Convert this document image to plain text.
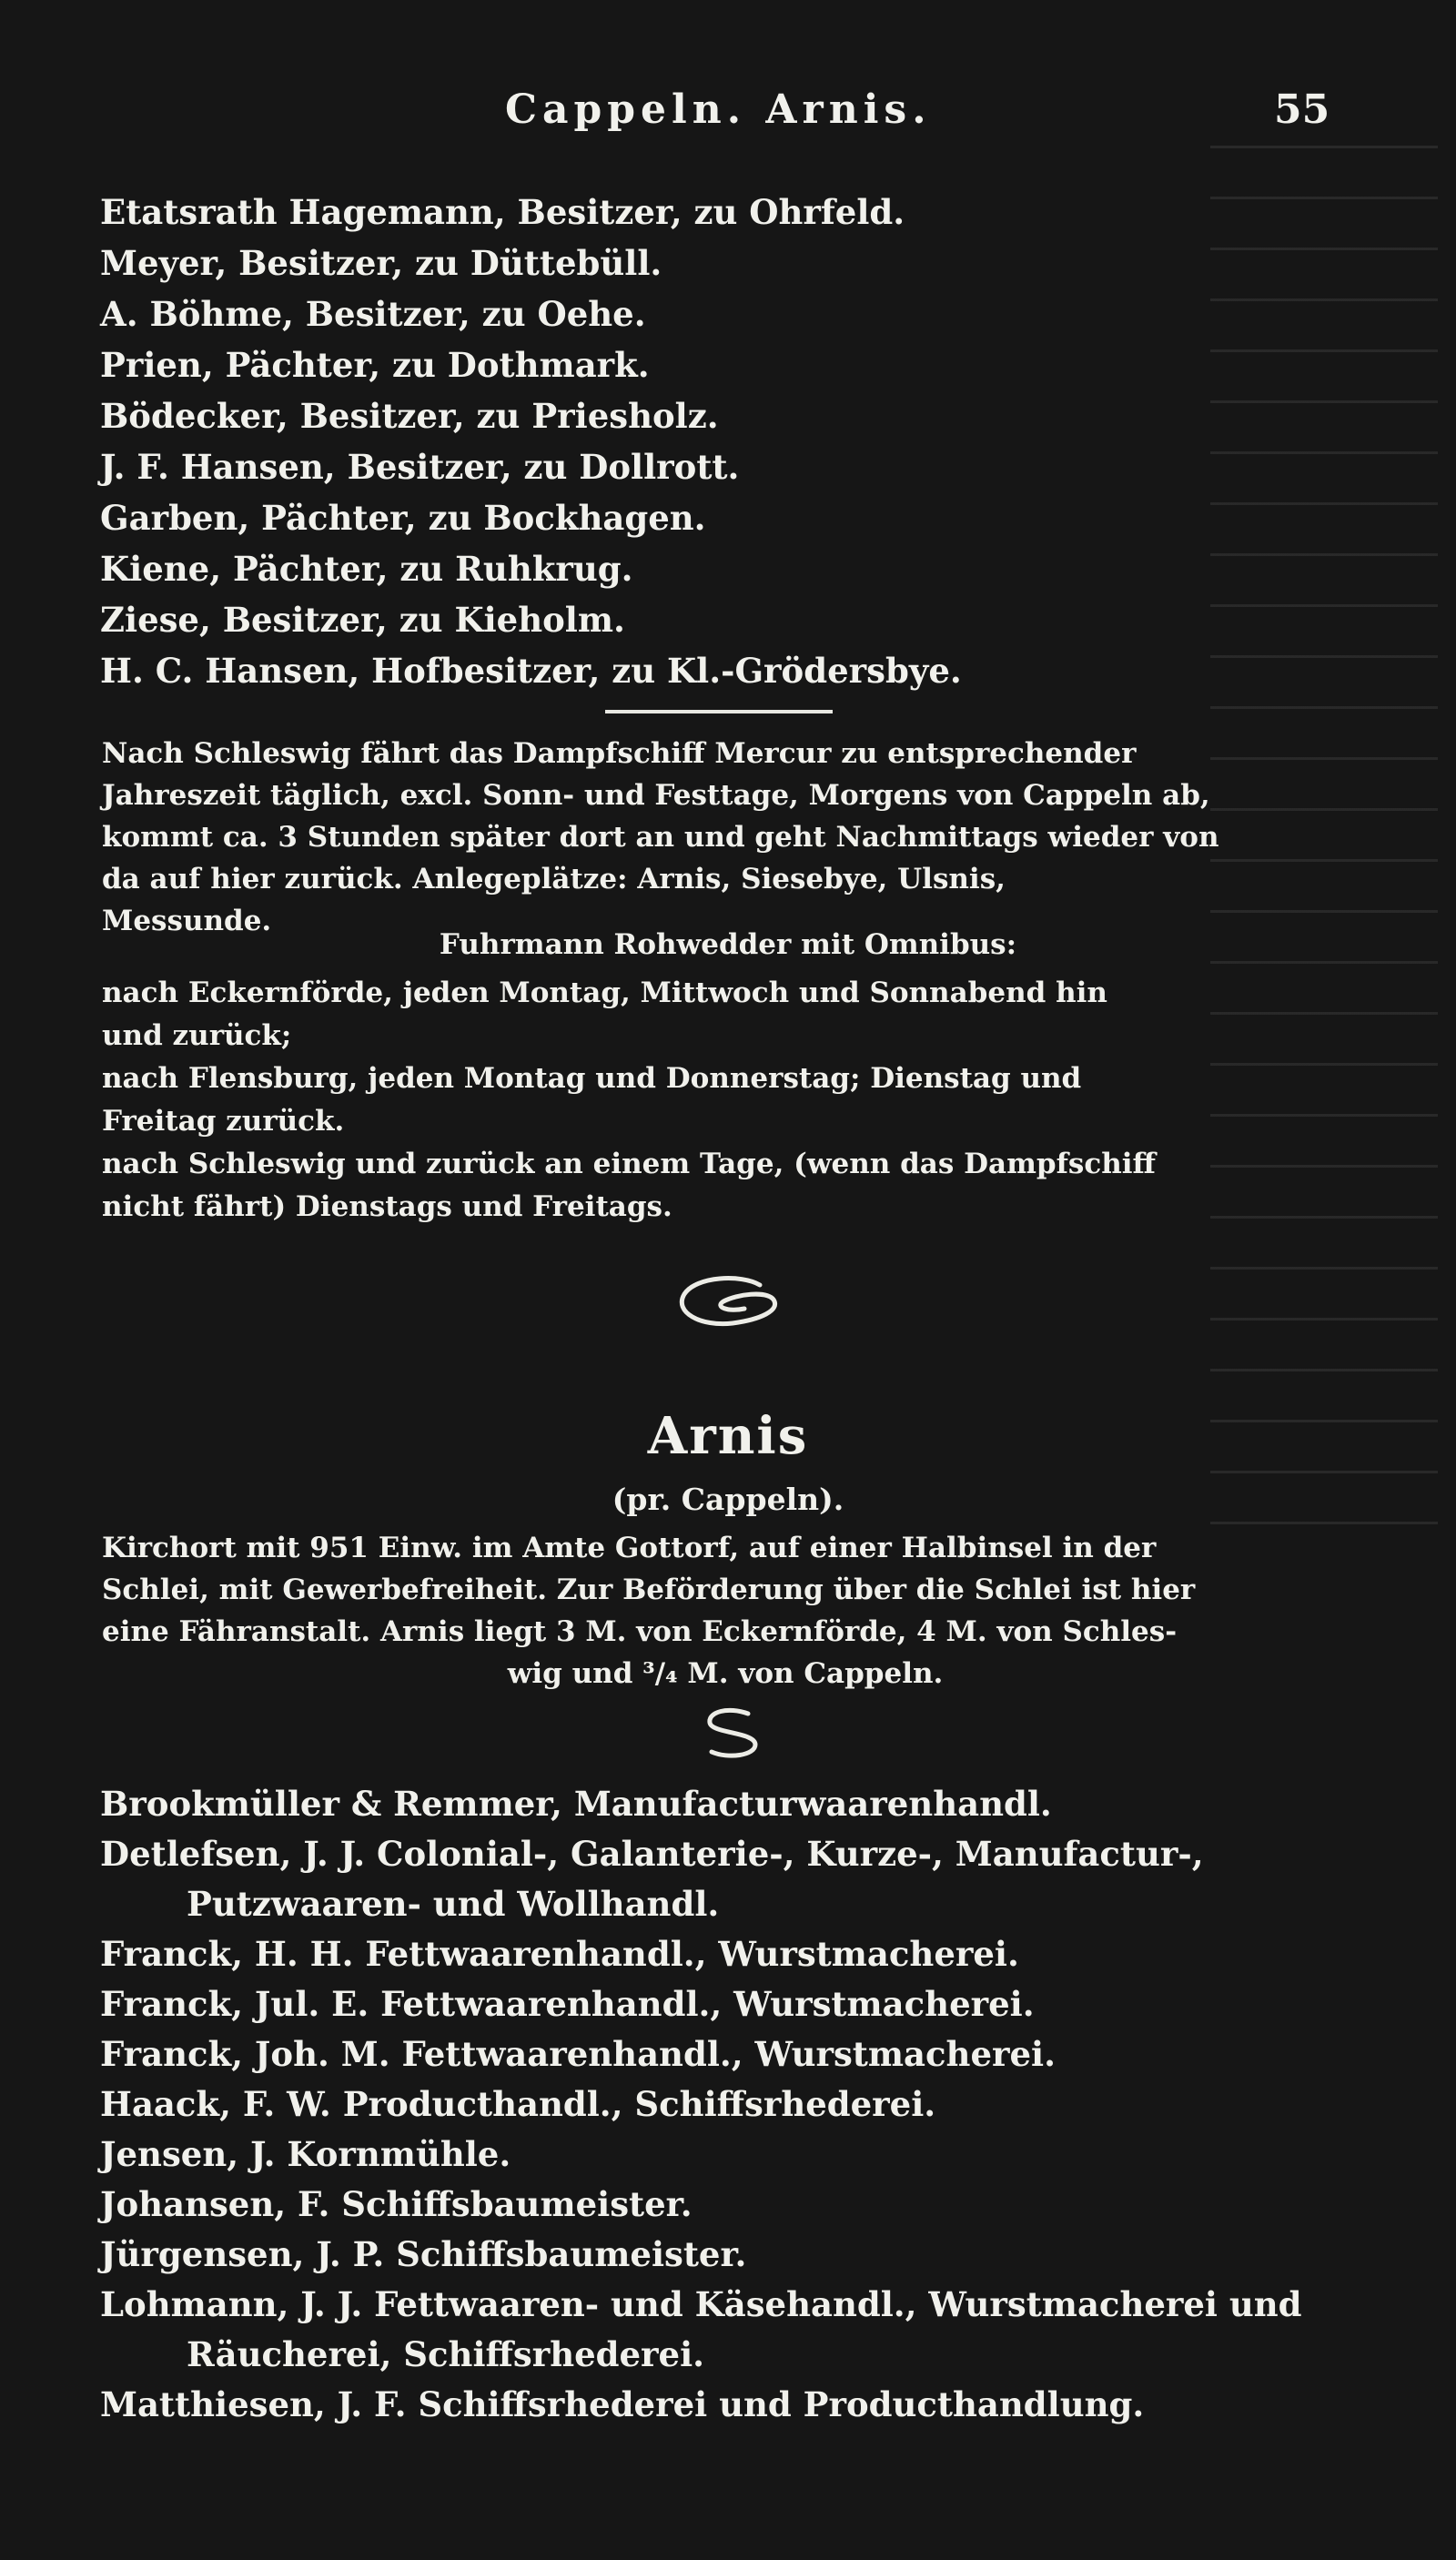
Cappeln. Arnis.	55
Etatsrath Hagemann, Besitzer, zu Ohrfeld.
Meyer, Besitzer, zu Düttebüll.
A. Böhme, Besitzer, zu Oehe.
Prien, Pächter, zu Dothmark.
Bödecker, Besitzer, zu Priesholz.
J. F. Hansen, Besitzer, zu Dollrott.
Garben, Pächter, zu Bockhagen.
Kiene, Pächter, zu Ruhkrug.
Ziese, Besitzer, zu Kieholm.
H. C. Hansen, Hofbesitzer, zu Kl.-Grödersbye.
Nach Schleswig fährt das Dampfschiff Mercur zu entsprechender
Jahreszeit täglich, excl. Sonn- und Festtage, Morgens von Cappeln ab,
kommt ca. 3 Stunden später dort an und geht Nachmittags wieder von
da auf hier zurück. Anlegeplätze: Arnis, Siesebye, Ulsnis,
Messunde.
Fuhrmann Rohwedder mit Omnibus:
nach Eckernförde, jeden Montag, Mittwoch und Sonnabend hin
und zurück;
nach Flensburg, jeden Montag und Donnerstag; Dienstag und
Freitag zurück.
nach Schleswig und zurück an einem Tage, (wenn das Dampfschiff
nicht fährt) Dienstags und Freitags.
Arnis
(pr. Cappeln).
Kirchort mit 951 Einw. im Amte Gottorf, auf einer Halbinsel in der
Schlei, mit Gewerbefreiheit. Zur Beförderung über die Schlei ist hier
eine Fähranstalt. Arnis liegt 3 M. von Eckernförde, 4 M. von Schles-
wig und ³/₄ M. von Cappeln.
Brookmüller & Remmer, Manufacturwaarenhandl.
Detlefsen, J. J. Colonial-, Galanterie-, Kurze-, Manufactur-,
Putzwaaren- und Wollhandl.
Franck, H. H. Fettwaarenhandl., Wurstmacherei.
Franck, Jul. E. Fettwaarenhandl., Wurstmacherei.
Franck, Joh. M. Fettwaarenhandl., Wurstmacherei.
Haack, F. W. Producthandl., Schiffsrhederei.
Jensen, J. Kornmühle.
Johansen, F. Schiffsbaumeister.
Jürgensen, J. P. Schiffsbaumeister.
Lohmann, J. J. Fettwaaren- und Käsehandl., Wurstmacherei und
Räucherei, Schiffsrhederei.
Matthiesen, J. F. Schiffsrhederei und Producthandlung.
